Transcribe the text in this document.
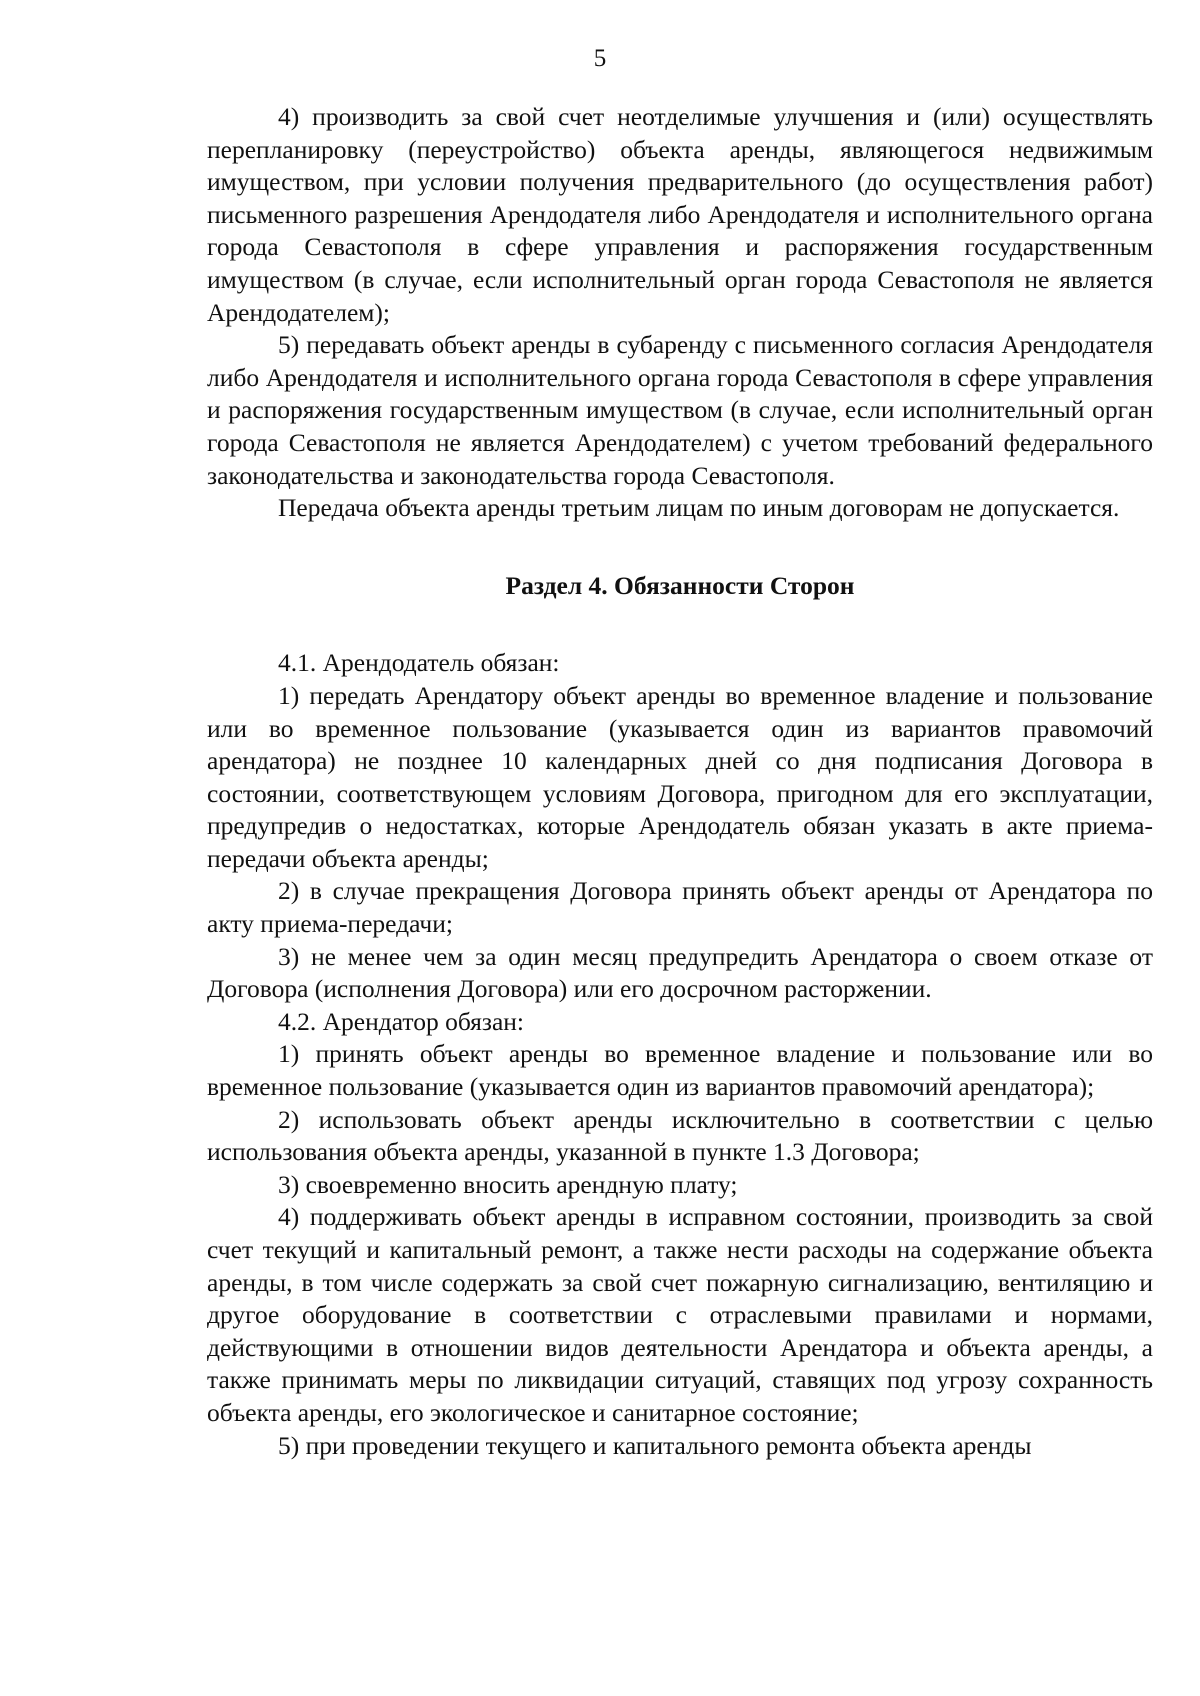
5

4) производить за свой счет неотделимые улучшения и (или) осуществлять перепланировку (переустройство) объекта аренды, являющегося недвижимым имуществом, при условии получения предварительного (до осуществления работ) письменного разрешения Арендодателя либо Арендодателя и исполнительного органа города Севастополя в сфере управления и распоряжения государственным имуществом (в случае, если исполнительный орган города Севастополя не является Арендодателем);

5) передавать объект аренды в субаренду с письменного согласия Арендодателя либо Арендодателя и исполнительного органа города Севастополя в сфере управления и распоряжения государственным имуществом (в случае, если исполнительный орган города Севастополя не является Арендодателем) с учетом требований федерального законодательства и законодательства города Севастополя.

Передача объекта аренды третьим лицам по иным договорам не допускается.

Раздел 4. Обязанности Сторон

4.1. Арендодатель обязан:

1) передать Арендатору объект аренды во временное владение и пользование или во временное пользование (указывается один из вариантов правомочий арендатора) не позднее 10 календарных дней со дня подписания Договора в состоянии, соответствующем условиям Договора, пригодном для его эксплуатации, предупредив о недостатках, которые Арендодатель обязан указать в акте приема-передачи объекта аренды;

2) в случае прекращения Договора принять объект аренды от Арендатора по акту приема-передачи;

3) не менее чем за один месяц предупредить Арендатора о своем отказе от Договора (исполнения Договора) или его досрочном расторжении.

4.2. Арендатор обязан:

1) принять объект аренды во временное владение и пользование или во временное пользование (указывается один из вариантов правомочий арендатора);

2) использовать объект аренды исключительно в соответствии с целью использования объекта аренды, указанной в пункте 1.3 Договора;

3) своевременно вносить арендную плату;

4) поддерживать объект аренды в исправном состоянии, производить за свой счет текущий и капитальный ремонт, а также нести расходы на содержание объекта аренды, в том числе содержать за свой счет пожарную сигнализацию, вентиляцию и другое оборудование в соответствии с отраслевыми правилами и нормами, действующими в отношении видов деятельности Арендатора и объекта аренды, а также принимать меры по ликвидации ситуаций, ставящих под угрозу сохранность объекта аренды, его экологическое и санитарное состояние;

5) при проведении текущего и капитального ремонта объекта аренды
